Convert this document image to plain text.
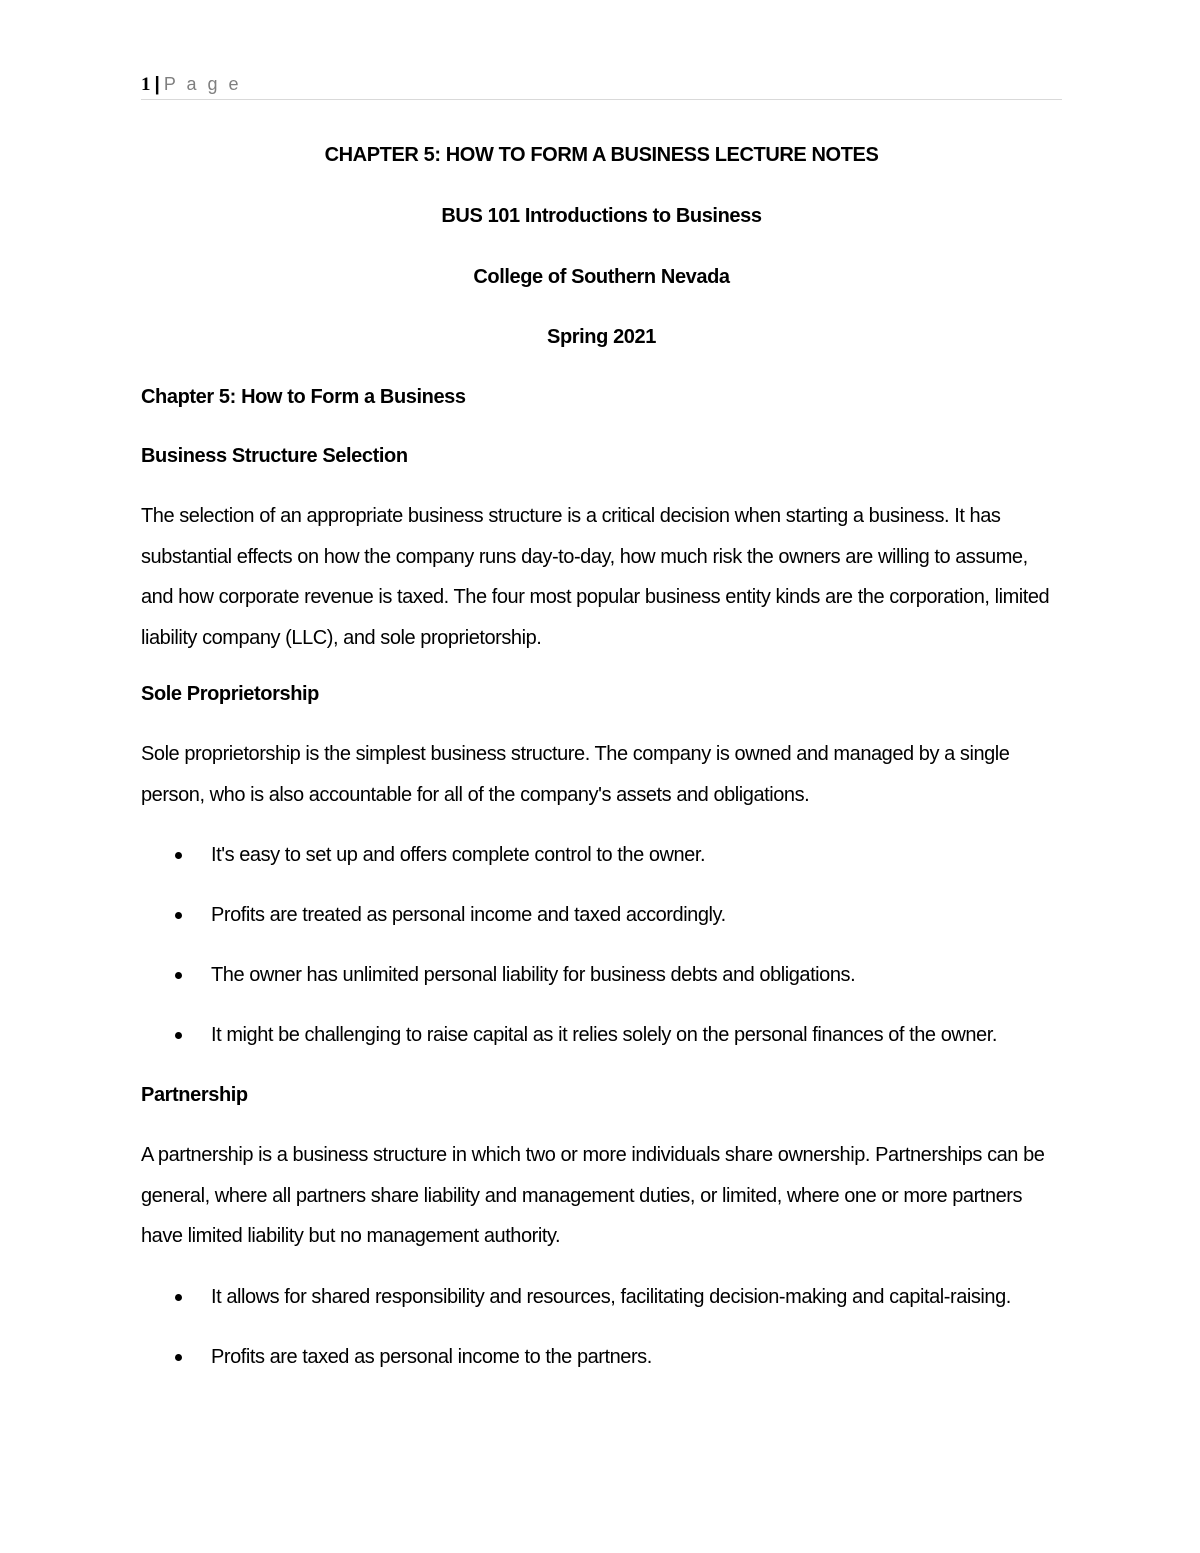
1 | P a g e

CHAPTER 5: HOW TO FORM A BUSINESS LECTURE NOTES

BUS 101 Introductions to Business

College of Southern Nevada

Spring 2021

Chapter 5: How to Form a Business

Business Structure Selection

The selection of an appropriate business structure is a critical decision when starting a business. It has substantial effects on how the company runs day-to-day, how much risk the owners are willing to assume, and how corporate revenue is taxed. The four most popular business entity kinds are the corporation, limited liability company (LLC), and sole proprietorship.

Sole Proprietorship

Sole proprietorship is the simplest business structure. The company is owned and managed by a single person, who is also accountable for all of the company's assets and obligations.

It's easy to set up and offers complete control to the owner.
Profits are treated as personal income and taxed accordingly.
The owner has unlimited personal liability for business debts and obligations.
It might be challenging to raise capital as it relies solely on the personal finances of the owner.

Partnership

A partnership is a business structure in which two or more individuals share ownership. Partnerships can be general, where all partners share liability and management duties, or limited, where one or more partners have limited liability but no management authority.

It allows for shared responsibility and resources, facilitating decision-making and capital-raising.
Profits are taxed as personal income to the partners.
